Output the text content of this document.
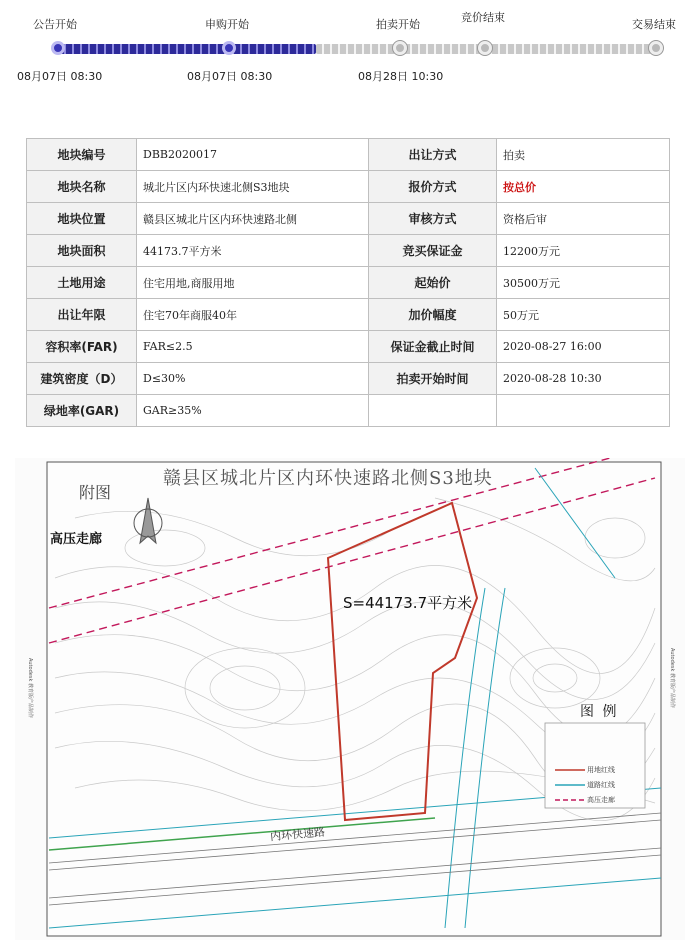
公告开始	申购开始	拍卖开始
竞价结束
交易结束
08月07日 08:30	08月07日 08:30	08月28日 10:30
地块编号	DBB2020017	出让方式	拍卖
地块名称	城北片区内环快速北侧S3地块	报价方式	按总价
地块位置	赣县区城北片区内环快速路北侧	审核方式	资格后审
地块面积	44173.7平方米	竞买保证金	12200万元
土地用途	住宅用地,商服用地	起始价	30500万元
出让年限	住宅70年商服40年	加价幅度	50万元
容积率(FAR)	FAR≤2.5	保证金截止时间	2020-08-27 16:00
建筑密度（D）	D≤30%	拍卖开始时间	2020-08-28 10:30
绿地率(GAR)	GAR≥35%		
Autodesk 教育版产品制作	Autodesk 教育版产品制作
赣县区城北片区内环快速路北侧S3地块
附图
高压走廊
S=44173.7平方米
内环快速路
图 例
用地红线
道路红线
高压走廊
